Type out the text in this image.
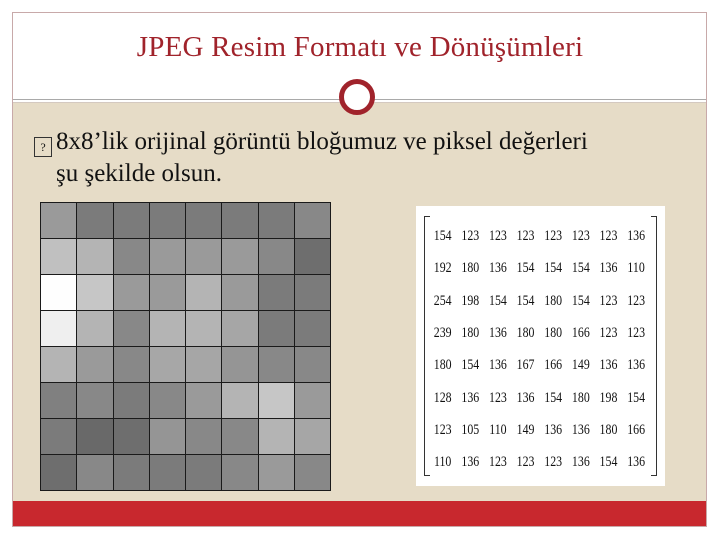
JPEG Resim Formatı ve Dönüşümleri
? 8x8’lik orijinal görüntü bloğumuz ve piksel değerleri
şu şekilde olsun.
154 123 123 123 123 123 123 136
192 180 136 154 154 154 136 110
254 198 154 154 180 154 123 123
239 180 136 180 180 166 123 123
180 154 136 167 166 149 136 136
128 136 123 136 154 180 198 154
123 105 110 149 136 136 180 166
110 136 123 123 123 136 154 136
